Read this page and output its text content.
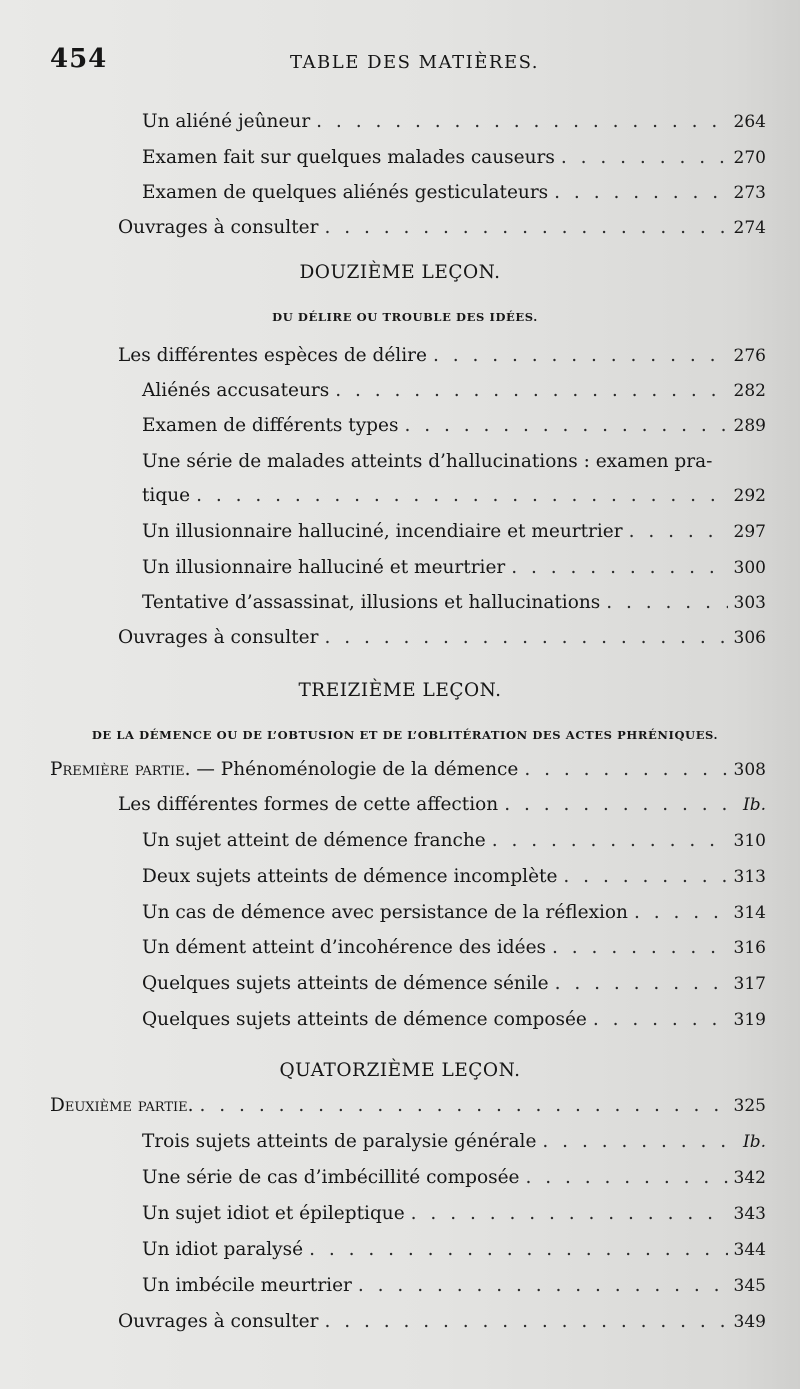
454	TABLE DES MATIÈRES.
Un aliéné jeûneur . . .	264
Examen fait sur quelques malades causeurs . . .	270
Examen de quelques aliénés gesticulateurs . . .	273
Ouvrages à consulter . . .	274
DOUZIÈME LEÇON.
DU DÉLIRE OU TROUBLE DES IDÉES.
Les différentes espèces de délire . . .	276
Aliénés accusateurs . . .	282
Examen de différents types . . .	289
Une série de malades atteints d’hallucinations : examen pra-
tique . . .	292
Un illusionnaire halluciné, incendiaire et meurtrier . . .	297
Un illusionnaire halluciné et meurtrier . . .	300
Tentative d’assassinat, illusions et hallucinations . . .	303
Ouvrages à consulter . . .	306
TREIZIÈME LEÇON.
DE LA DÉMENCE OU DE L’OBTUSION ET DE L’OBLITÉRATION DES ACTES PHRÉNIQUES.
Première partie. — Phénoménologie de la démence . . .	308
Les différentes formes de cette affection . . .	Ib.
Un sujet atteint de démence franche . . .	310
Deux sujets atteints de démence incomplète . . .	313
Un cas de démence avec persistance de la réflexion . . .	314
Un dément atteint d’incohérence des idées . . .	316
Quelques sujets atteints de démence sénile . . .	317
Quelques sujets atteints de démence composée . . .	319
QUATORZIÈME LEÇON.
Deuxième partie. . . .	325
Trois sujets atteints de paralysie générale . . .	Ib.
Une série de cas d’imbécillité composée . . .	342
Un sujet idiot et épileptique . . .	343
Un idiot paralysé . . .	344
Un imbécile meurtrier . . .	345
Ouvrages à consulter . . .	349
